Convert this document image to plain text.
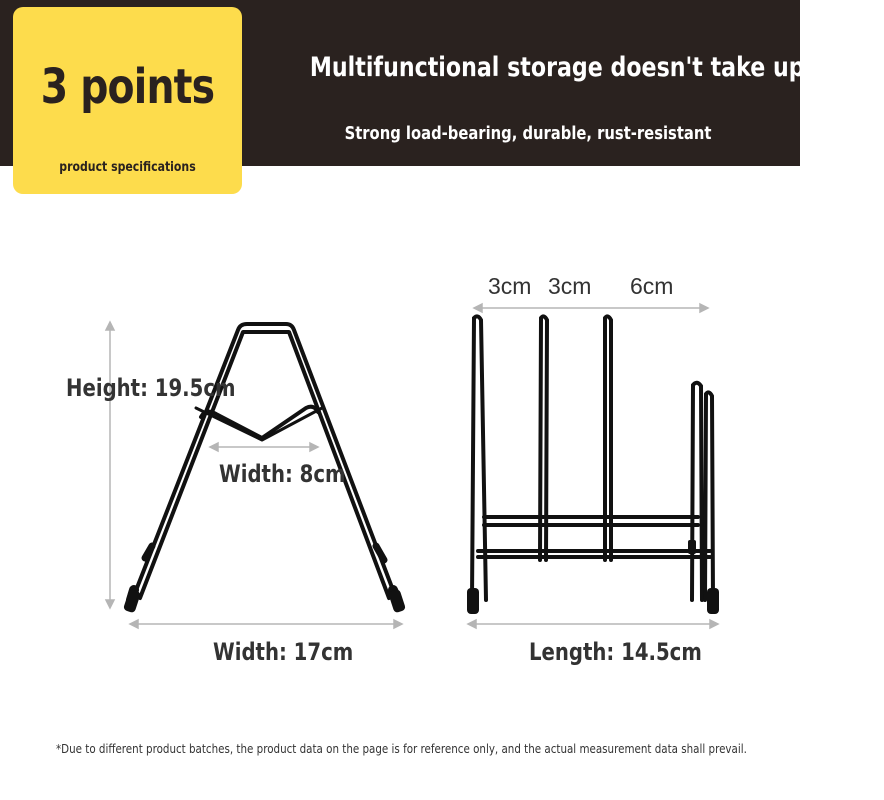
Multifunctional storage doesn't take up space
Strong load-bearing, durable, rust-resistant
3 points
product specifications
Height: 19.5cm
Width: 8cm
Width: 17cm	Length: 14.5cm
3cm 3cm 6cm
*Due to different product batches, the product data on the page is for reference only, and the actual measurement data shall prevail.
